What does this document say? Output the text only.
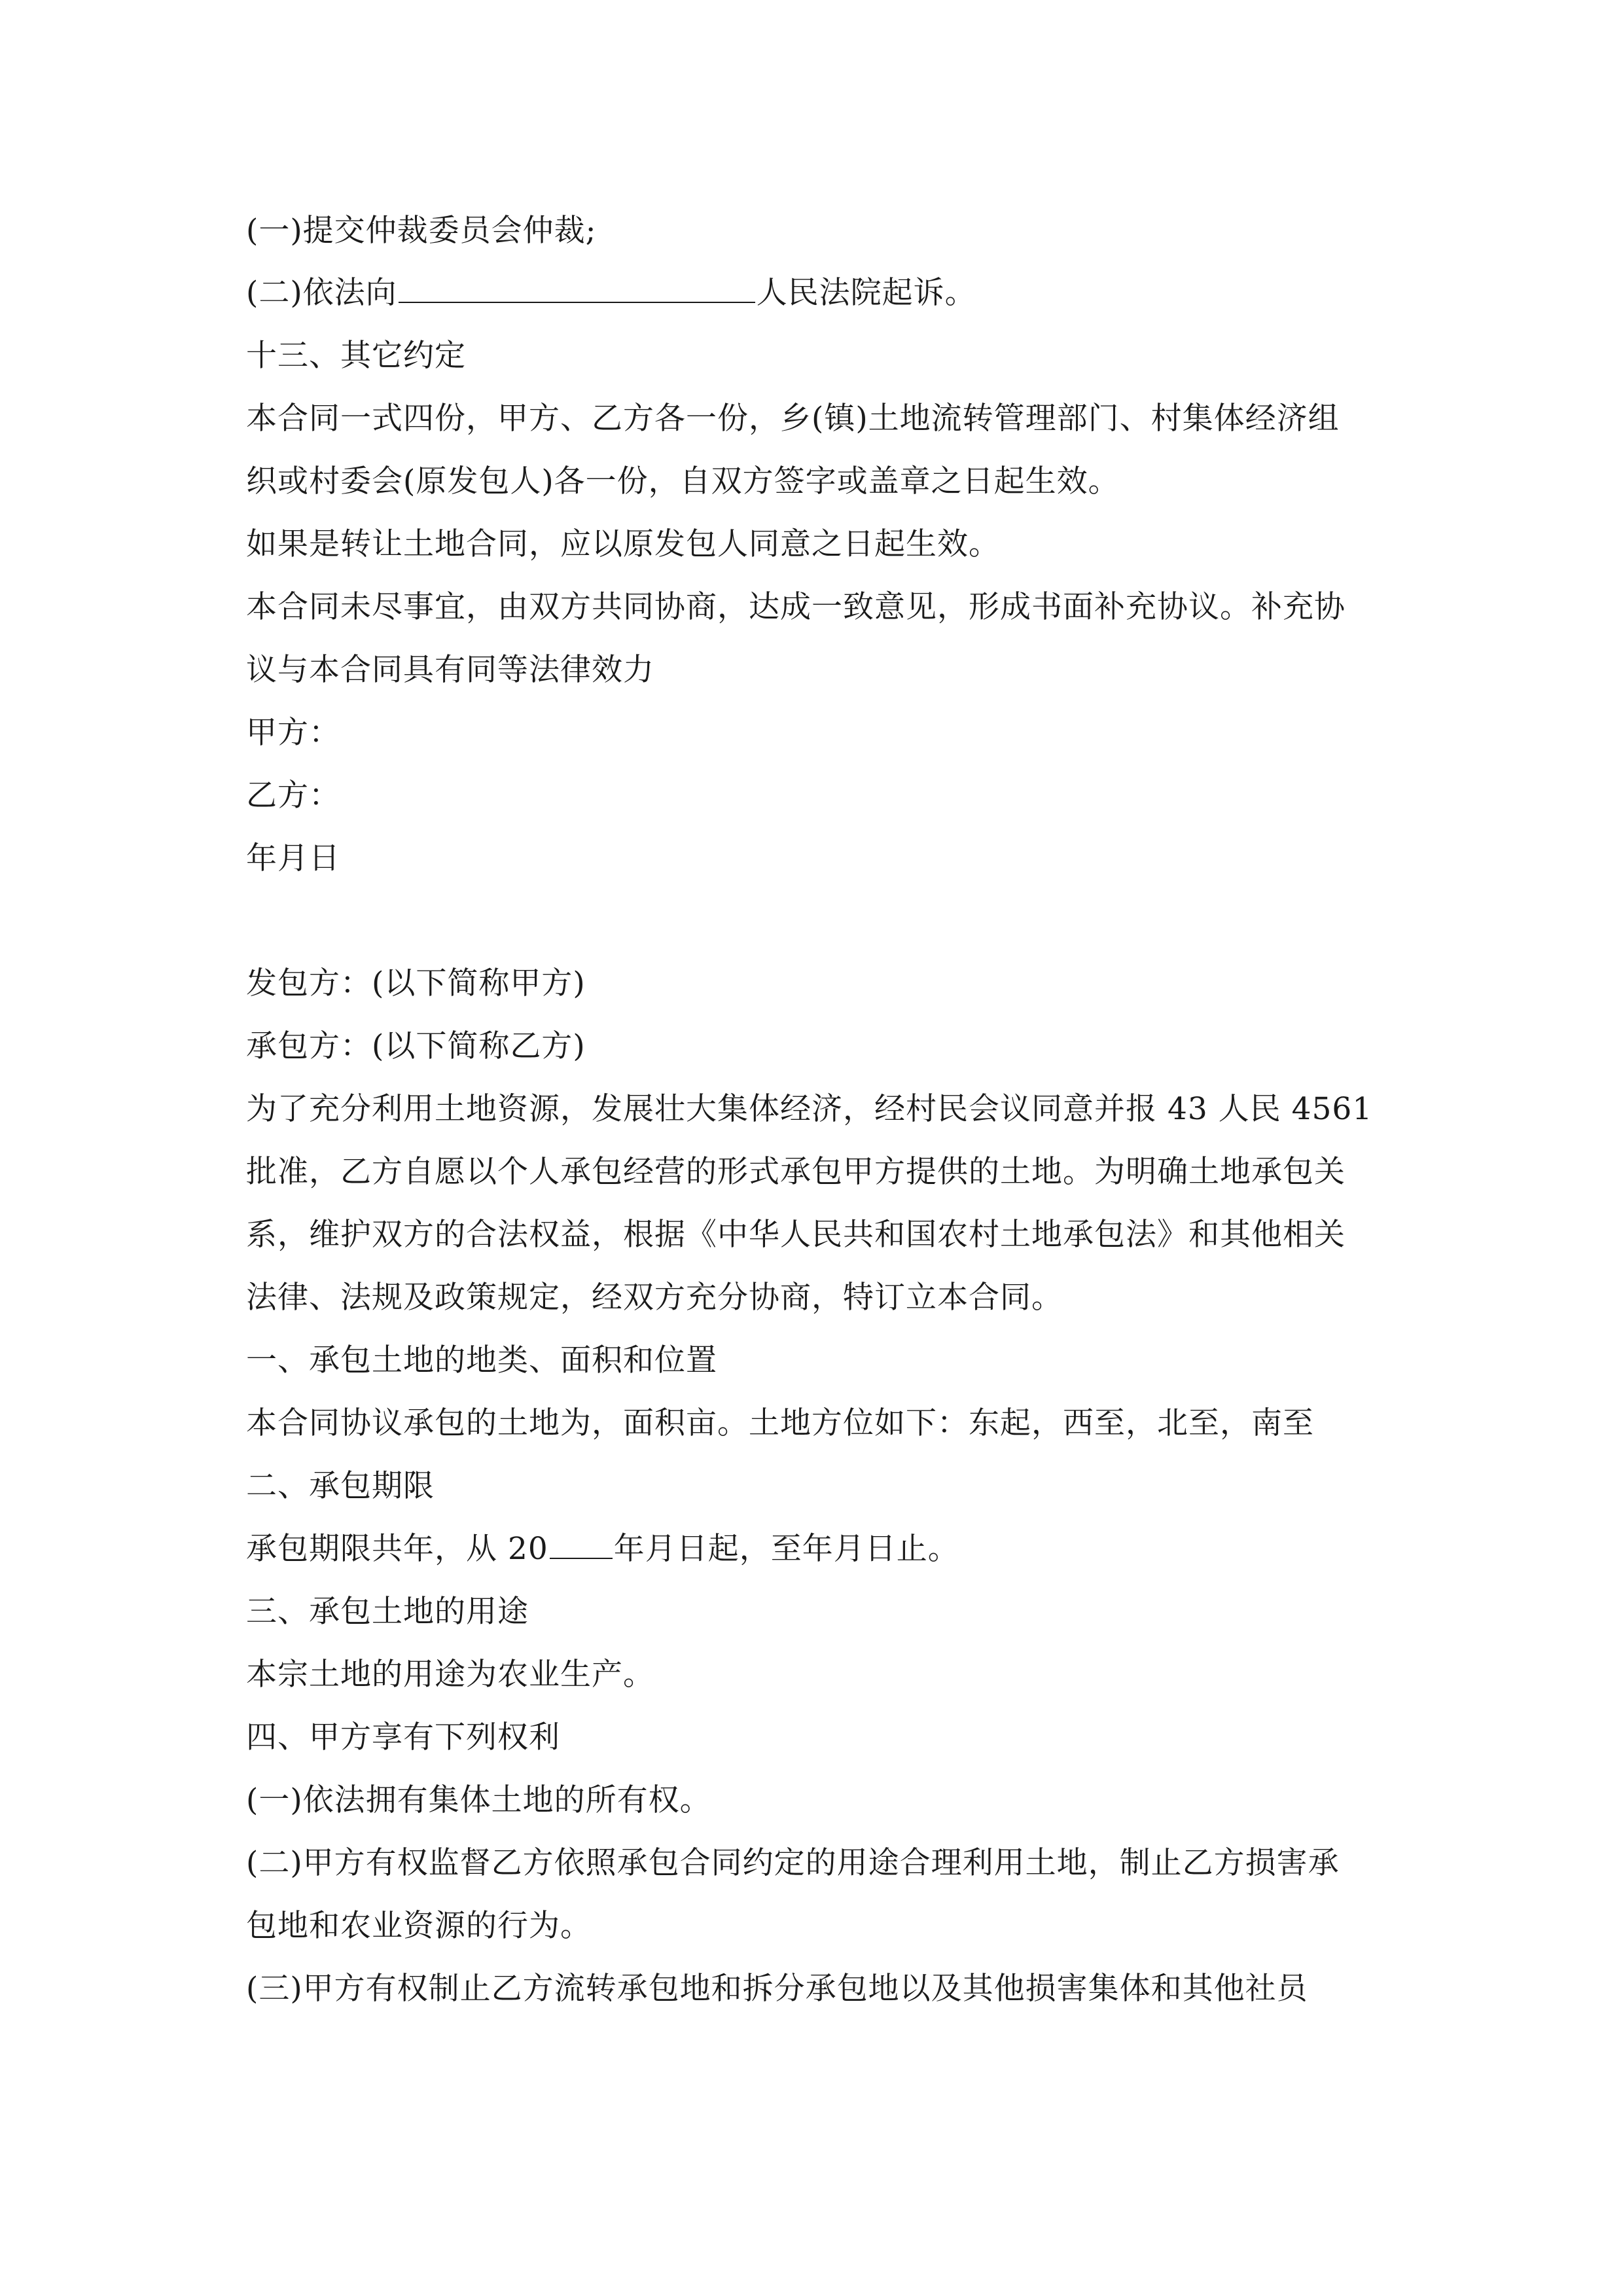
(一)提交仲裁委员会仲裁;
(二)依法向	人民法院起诉。
十三、其它约定
本合同一式四份，甲方、乙方各一份，乡(镇)土地流转管理部门、村集体经济组
织或村委会(原发包人)各一份，自双方签字或盖章之日起生效。
如果是转让土地合同，应以原发包人同意之日起生效。
本合同未尽事宜，由双方共同协商，达成一致意见，形成书面补充协议。补充协
议与本合同具有同等法律效力
甲方：
乙方：
年月日
发包方：(以下简称甲方)
承包方：(以下简称乙方)
为了充分利用土地资源，发展壮大集体经济，经村民会议同意并报 43 人民 4561
批准，乙方自愿以个人承包经营的形式承包甲方提供的土地。为明确土地承包关
系，维护双方的合法权益，根据《中华人民共和国农村土地承包法》和其他相关
法律、法规及政策规定，经双方充分协商，特订立本合同。
一、承包土地的地类、面积和位置
本合同协议承包的土地为，面积亩。土地方位如下：东起，西至，北至，南至
二、承包期限
承包期限共年，从 20 年月日起，至年月日止。
三、承包土地的用途
本宗土地的用途为农业生产。
四、甲方享有下列权利
(一)依法拥有集体土地的所有权。
(二)甲方有权监督乙方依照承包合同约定的用途合理利用土地，制止乙方损害承
包地和农业资源的行为。
(三)甲方有权制止乙方流转承包地和拆分承包地以及其他损害集体和其他社员
